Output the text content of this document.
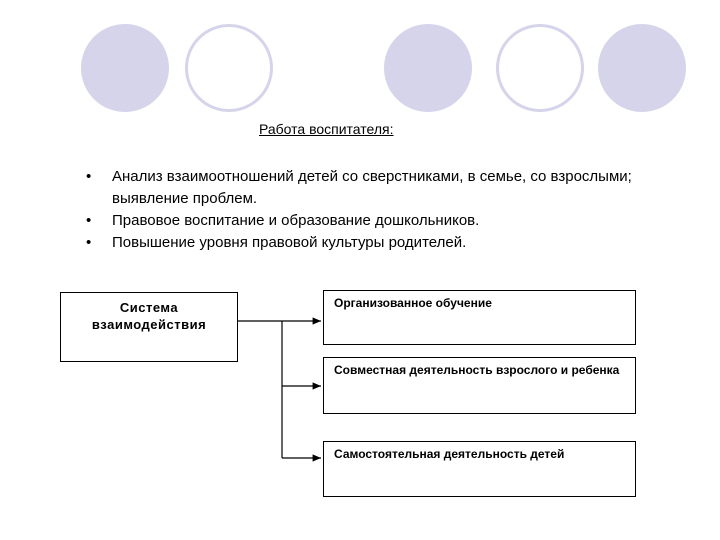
Работа воспитателя:
•	Анализ взаимоотношений детей со сверстниками, в семье, со взрослыми; выявление проблем.
•	Правовое воспитание и образование дошкольников.
•	Повышение уровня правовой культуры родителей.
Система взаимодействия
Организованное обучение
Совместная деятельность взрослого и ребенка
Самостоятельная деятельность детей
